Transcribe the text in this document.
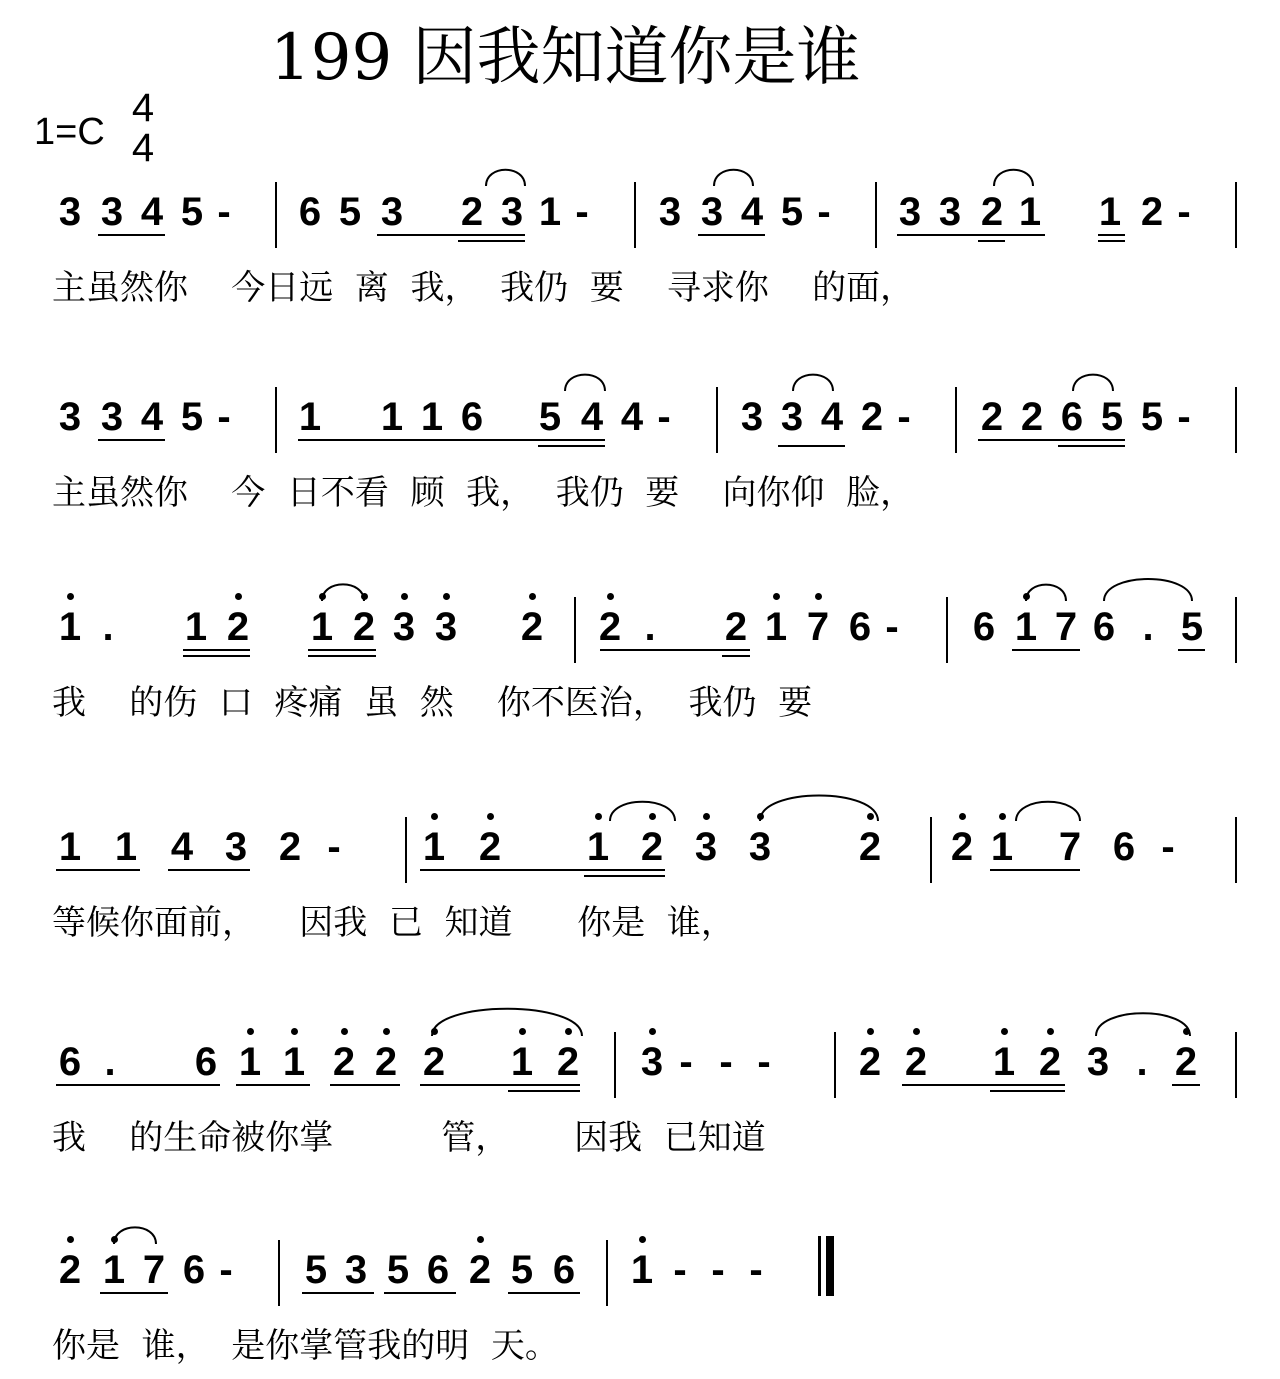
199 因我知道你是谁
1=C
4
4
3 3 4 5 - 6 5 3 2 3 1 - 3 3 4 5 - 3 3 2 1 1 2 -
主虽然你    今日远  离  我，  我仍  要    寻求你    的面，
3 3 4 5 - 1 1 1 6 5 4 4 - 3 3 4 2 - 2 2 6 5 5 -
主虽然你    今  日不看  顾  我，  我仍  要    向你仰  脸，
1 . 1 2 1 2 3 3 2 2 . 2 1 7 6 - 6 1 7 6 . 5
我    的伤  口  疼痛  虽  然    你不医治，  我仍  要
1 1 4 3 2 - 1 2 1 2 3 3 2 2 1 7 6 -
等候你面前，    因我  已  知道      你是  谁，
6 . 6 1 1 2 2 2 1 2 3 - - - 2 2 1 2 3 . 2
我    的生命被你掌          管，      因我  已知道
2 1 7 6 - 5 3 5 6 2 5 6 1 - - -
你是  谁，  是你掌管我的明  天。
